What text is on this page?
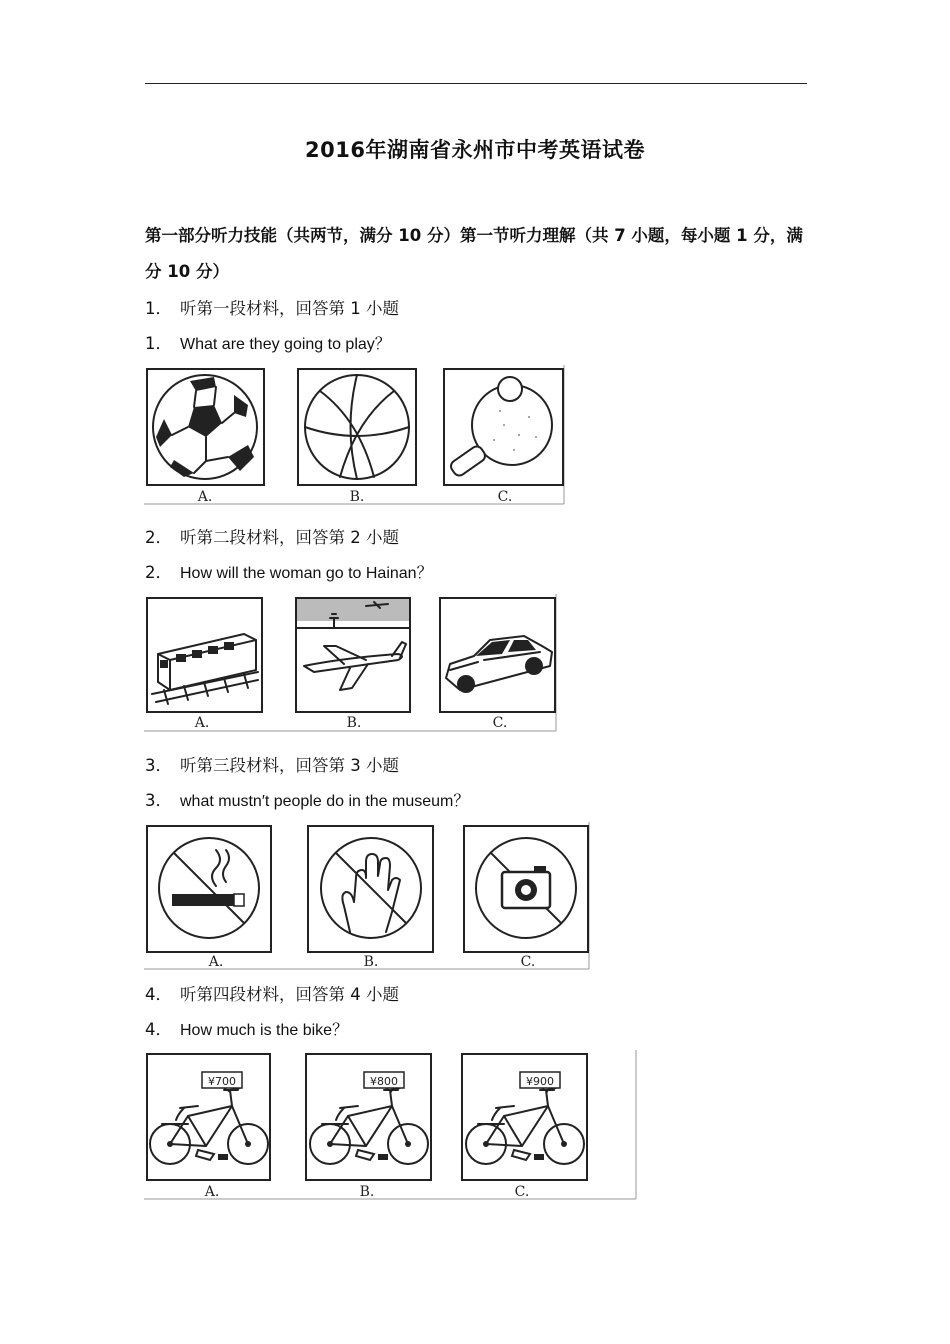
2016年湖南省永州市中考英语试卷
第一部分听力技能（共两节，满分 10 分）第一节听力理解（共 7 小题，每小题 1 分，满分 10 分）
1． 听第一段材料，回答第 1 小题
1． What are they going to play？
A.	B.	C.
2． 听第二段材料，回答第 2 小题
2． How will the woman go to Hainan？
A.	B.	C.
3． 听第三段材料，回答第 3 小题
3． what mustn′t people do in the museum？
A.	B.	C.
4． 听第四段材料，回答第 4 小题
4． How much is the bike？
¥700
A.
¥800
B.
¥900
C.
